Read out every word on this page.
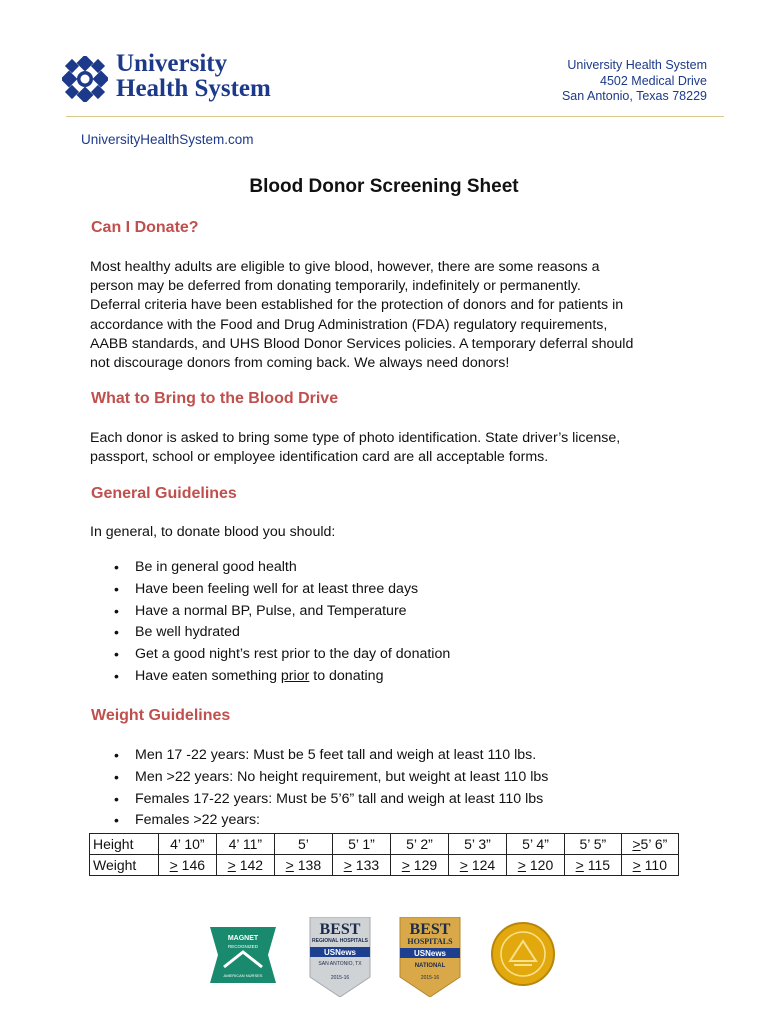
University
Health System
University Health System
4502 Medical Drive
San Antonio, Texas 78229
UniversityHealthSystem.com
Blood Donor Screening Sheet
Can I Donate?
Most healthy adults are eligible to give blood, however, there are some reasons a
person may be deferred from donating temporarily, indefinitely or permanently.
Deferral criteria have been established for the protection of donors and for patients in
accordance with the Food and Drug Administration (FDA) regulatory requirements,
AABB standards, and UHS Blood Donor Services policies. A temporary deferral should
not discourage donors from coming back. We always need donors!
What to Bring to the Blood Drive
Each donor is asked to bring some type of photo identification. State driver’s license,
passport, school or employee identification card are all acceptable forms.
General Guidelines
In general, to donate blood you should:
• Be in general good health
• Have been feeling well for at least three days
• Have a normal BP, Pulse, and Temperature
• Be well hydrated
• Get a good night’s rest prior to the day of donation
• Have eaten something prior to donating
Weight Guidelines
• Men 17 -22 years: Must be 5 feet tall and weigh at least 110 lbs.
• Men >22 years: No height requirement, but weight at least 110 lbs
• Females 17-22 years: Must be 5’6” tall and weigh at least 110 lbs
• Females >22 years:
Height	4’ 10”	4’ 11”	5’	5’ 1”	5’ 2”	5’ 3”	5’ 4”	5’ 5”	≥5’ 6”
Weight	≥ 146	≥ 142	≥ 138	≥ 133	≥ 129	≥ 124	≥ 120	≥ 115	≥ 110
MAGNET
RECOGNIZED
AMERICAN NURSES
BEST
REGIONAL HOSPITALS
USNews
SAN ANTONIO, TX
2015-16
BEST
HOSPITALS
USNews
NATIONAL
2015-16
